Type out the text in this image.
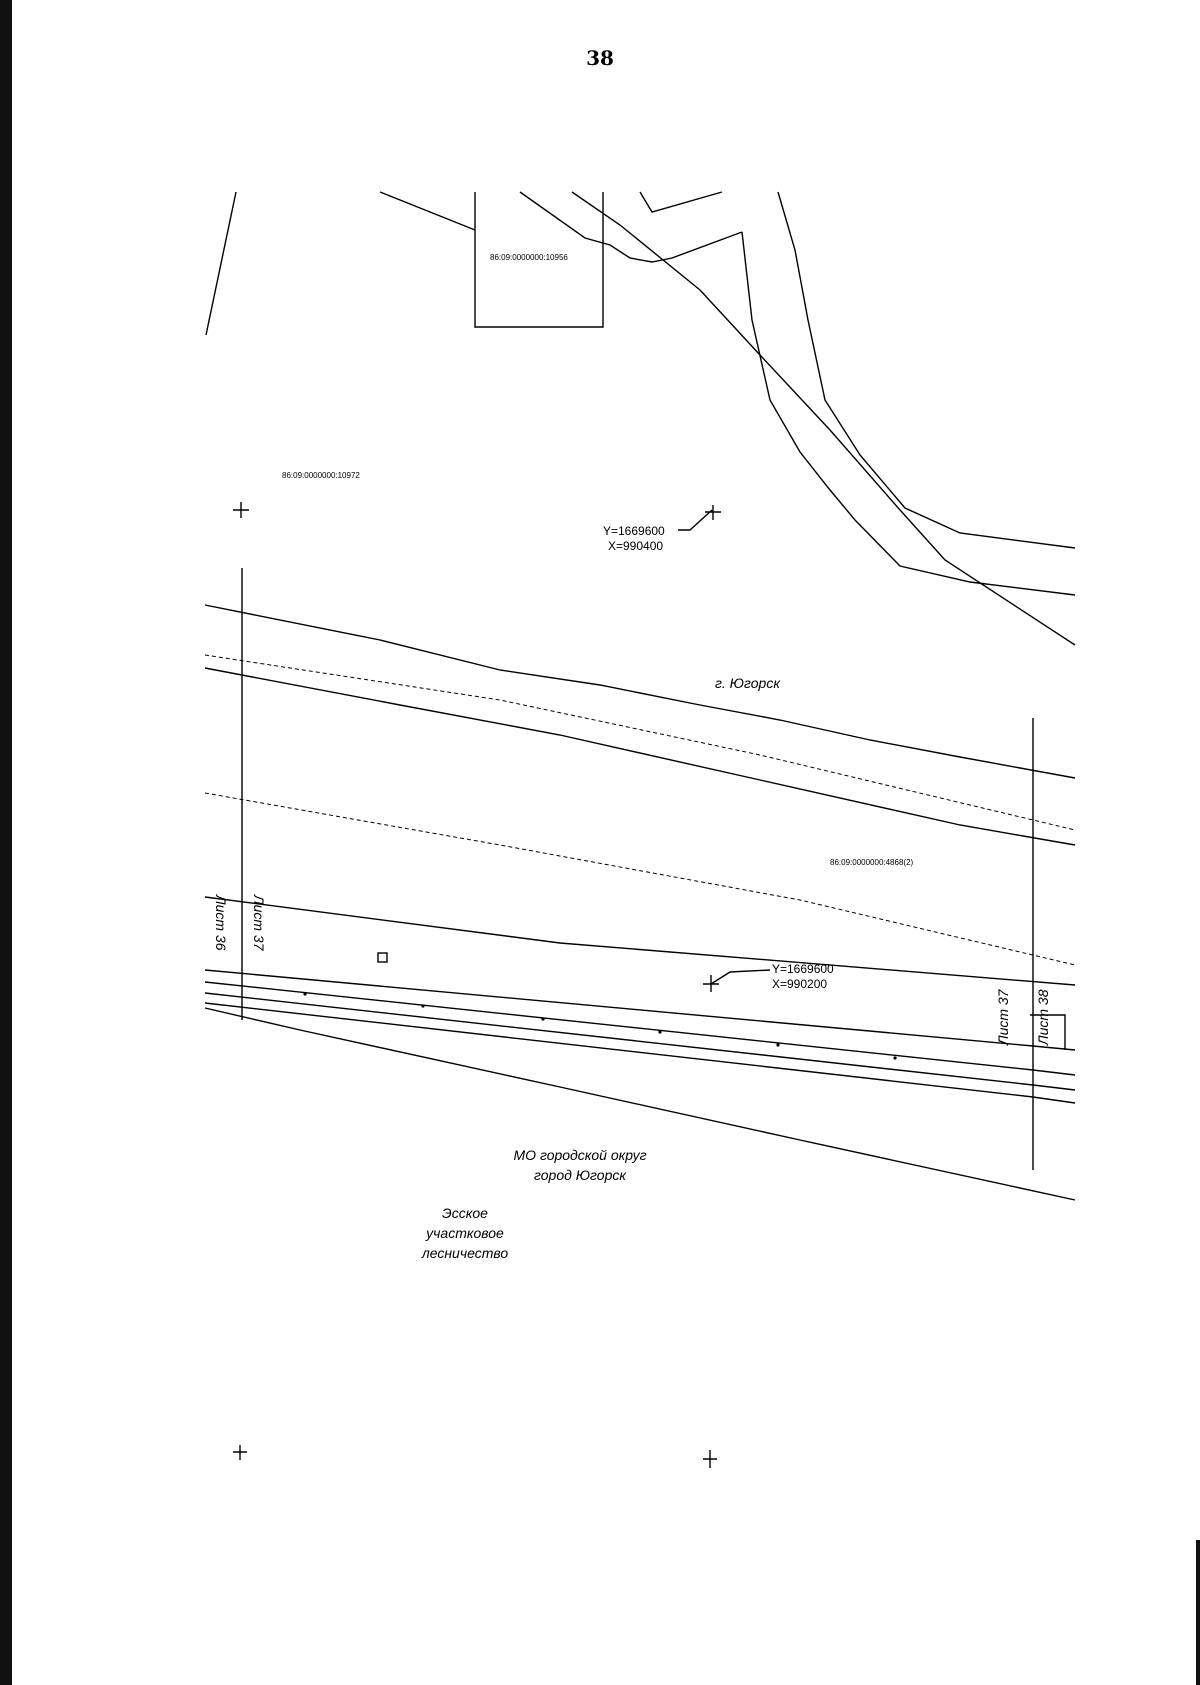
38
86:09:0000000:10956
86:09:0000000:10972
86:09:0000000:4868(2)
Y=1669600
X=990400
Y=1669600
X=990200
г. Югорск
МО городской округ
город Югорск
Эсское
участковое
лесничество
Лист 36 Лист 37
Лист 37 Лист 38
